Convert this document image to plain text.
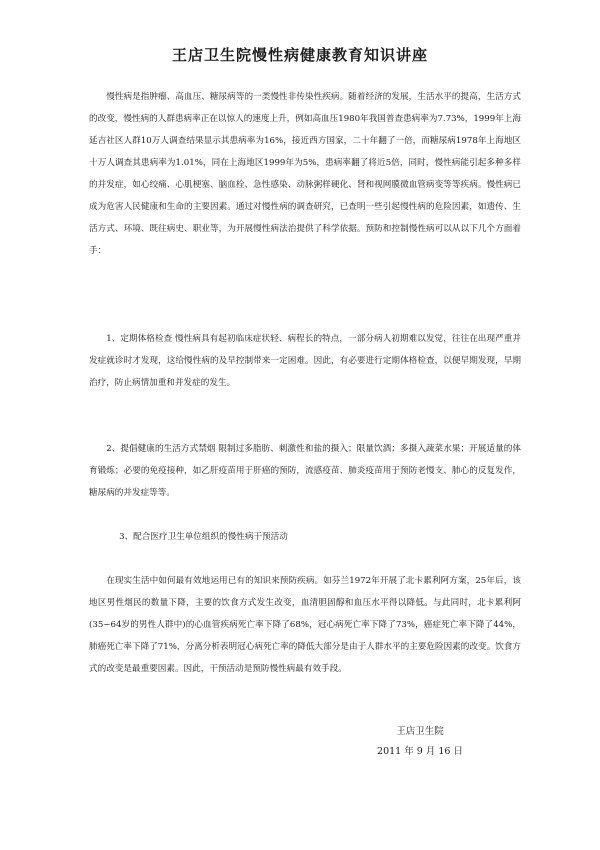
王店卫生院慢性病健康教育知识讲座

慢性病是指肿瘤、高血压、糖尿病等的一类慢性非传染性疾病。随着经济的发展，生活水平的提高，生活方式的改变，慢性病的人群患病率正在以惊人的速度上升，例如高血压1980年我国普查患病率为7.73%，1999年上海延吉社区人群10万人调查结果显示其患病率为16%，接近西方国家，二十年翻了一倍，而糖尿病1978年上海地区十万人调查其患病率为1.01%，同在上海地区1999年为5%，患病率翻了将近5倍，同时，慢性病能引起多种多样的并发症，如心绞痛、心肌梗塞、脑血栓、急性感染、动脉粥样硬化、肾和视网膜微血管病变等等疾病。慢性病已成为危害人民健康和生命的主要因素。通过对慢性病的调查研究，已查明一些引起慢性病的危险因素，如遗传、生活方式、环境、既往病史、职业等，为开展慢性病法治提供了科学依据。预防和控制慢性病可以从以下几个方面着手：

1、定期体格检查 慢性病具有起初临床症状轻、病程长的特点，一部分病人初期难以发觉，往往在出现严重并发症就诊时才发现，这给慢性病的及早控制带来一定困难。因此，有必要进行定期体格检查，以便早期发现，早期治疗，防止病情加重和并发症的发生。

2、提倡健康的生活方式禁烟 限制过多脂肪、刺激性和盐的摄入；限量饮酒；多摄入蔬菜水果；开展适量的体育锻炼；必要的免疫接种，如乙肝疫苗用于肝癌的预防，流感疫苗、肺炎疫苗用于预防老慢支、肺心的反复发作，糖尿病的并发症等等。

3、配合医疗卫生单位组织的慢性病干预活动

在现实生活中如何最有效地运用已有的知识来预防疾病。如芬兰1972年开展了北卡累利阿方案，25年后，该地区男性烟民的数量下降，主要的饮食方式发生改变，血清胆固醇和血压水平得以降低。与此同时，北卡累利阿(35~64岁的男性人群中)的心血管疾病死亡率下降了68%，冠心病死亡率下降了73%，癌症死亡率下降了44%，肺癌死亡率下降了71%，分离分析表明冠心病死亡率的降低大部分是由于人群水平的主要危险因素的改变。饮食方式的改变是最重要因素。因此，干预活动是预防慢性病最有效手段。

王店卫生院
2011 年 9 月 16 日
